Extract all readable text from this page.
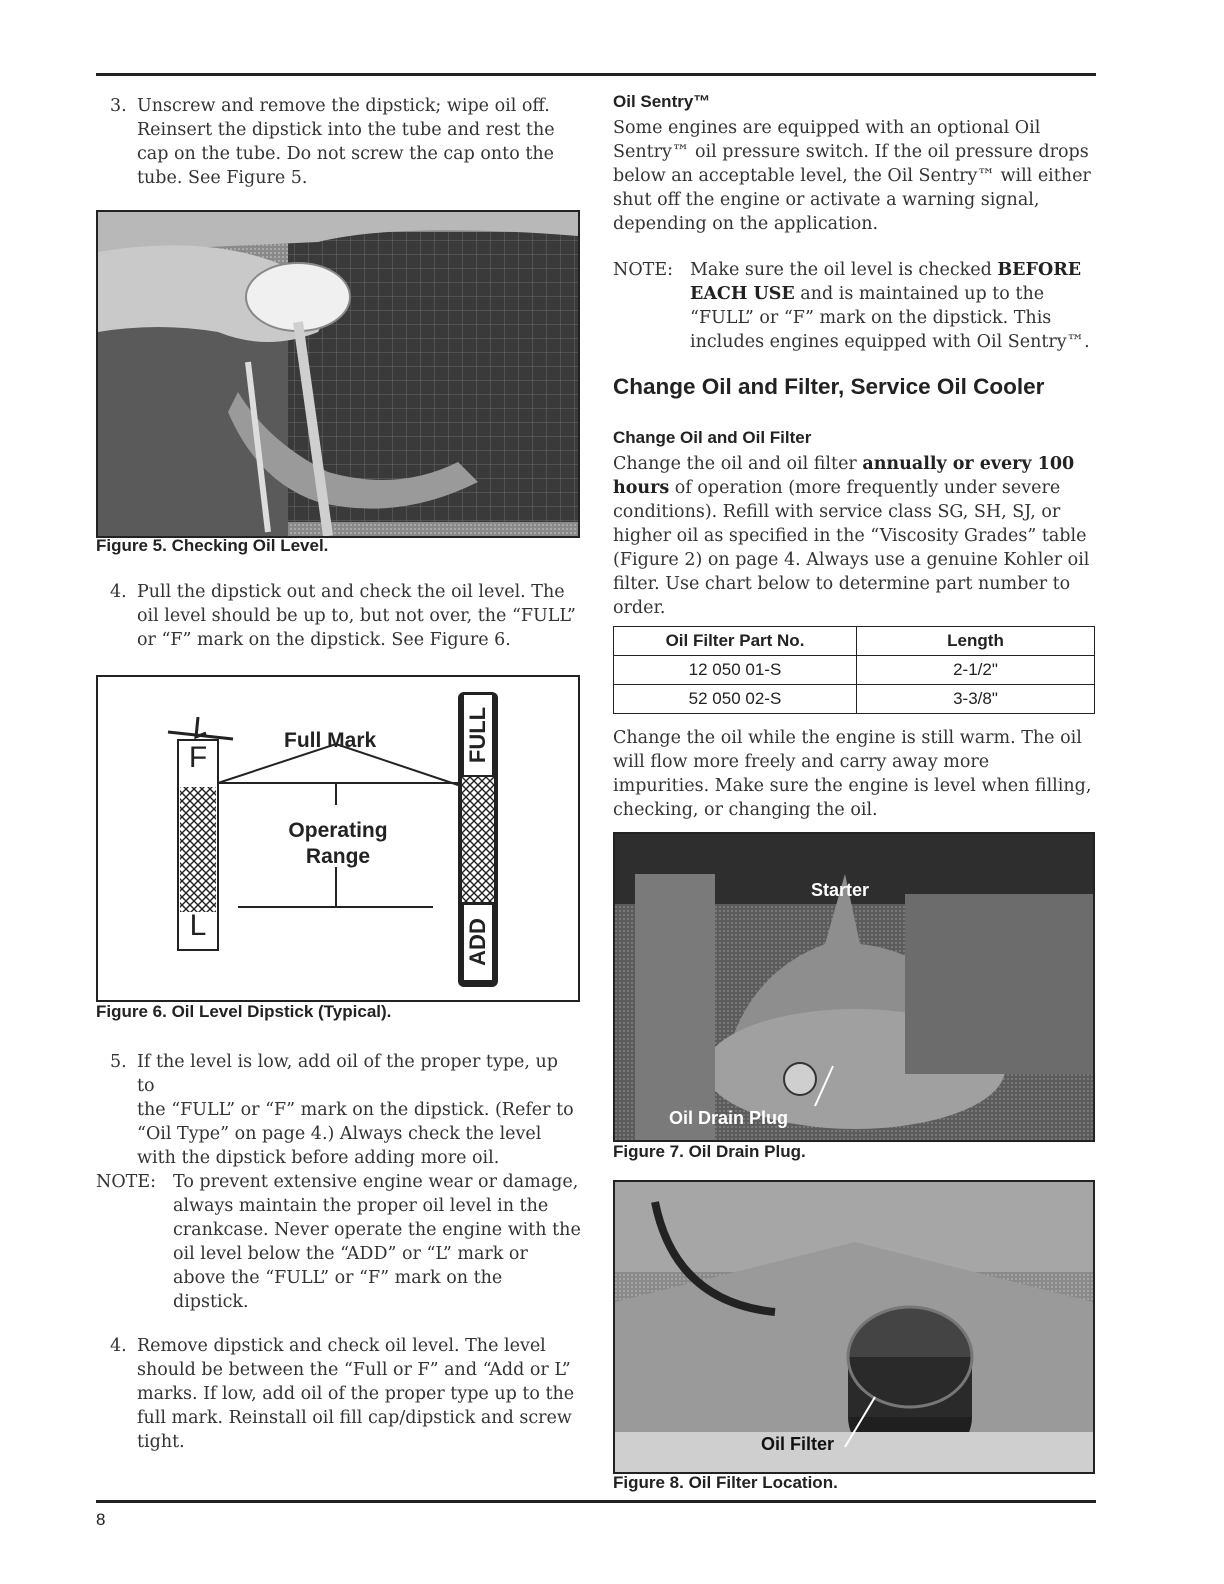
3. Unscrew and remove the dipstick; wipe oil off.
Reinsert the dipstick into the tube and rest the
cap on the tube. Do not screw the cap onto the
tube. See Figure 5.
Figure 5. Checking Oil Level.
4. Pull the dipstick out and check the oil level. The
oil level should be up to, but not over, the “FULL”
or “F” mark on the dipstick. See Figure 6.
F
L
Full Mark
Operating
Range
FULL
ADD
Figure 6. Oil Level Dipstick (Typical).
5. If the level is low, add oil of the proper type, up to
the “FULL” or “F” mark on the dipstick. (Refer to
“Oil Type” on page 4.) Always check the level
with the dipstick before adding more oil.
NOTE: To prevent extensive engine wear or damage,
always maintain the proper oil level in the
crankcase. Never operate the engine with the
oil level below the “ADD” or “L” mark or
above the “FULL” or “F” mark on the
dipstick.
4. Remove dipstick and check oil level. The level
should be between the “Full or F” and “Add or L”
marks. If low, add oil of the proper type up to the
full mark. Reinstall oil fill cap/dipstick and screw
tight.
Oil Sentry™
Some engines are equipped with an optional Oil
Sentry™ oil pressure switch. If the oil pressure drops
below an acceptable level, the Oil Sentry™ will either
shut off the engine or activate a warning signal,
depending on the application.
NOTE: Make sure the oil level is checked BEFORE
EACH USE and is maintained up to the
“FULL” or “F” mark on the dipstick. This
includes engines equipped with Oil Sentry™.
Change Oil and Filter, Service Oil Cooler
Change Oil and Oil Filter
Change the oil and oil filter annually or every 100
hours of operation (more frequently under severe
conditions). Refill with service class SG, SH, SJ, or
higher oil as specified in the “Viscosity Grades” table
(Figure 2) on page 4. Always use a genuine Kohler oil
filter. Use chart below to determine part number to
order.
Oil Filter Part No.	Length
12 050 01-S	2-1/2"
52 050 02-S	3-3/8"
Change the oil while the engine is still warm. The oil
will flow more freely and carry away more
impurities. Make sure the engine is level when filling,
checking, or changing the oil.
Starter
Oil Drain Plug
Figure 7. Oil Drain Plug.
Oil Filter
Figure 8. Oil Filter Location.
8
